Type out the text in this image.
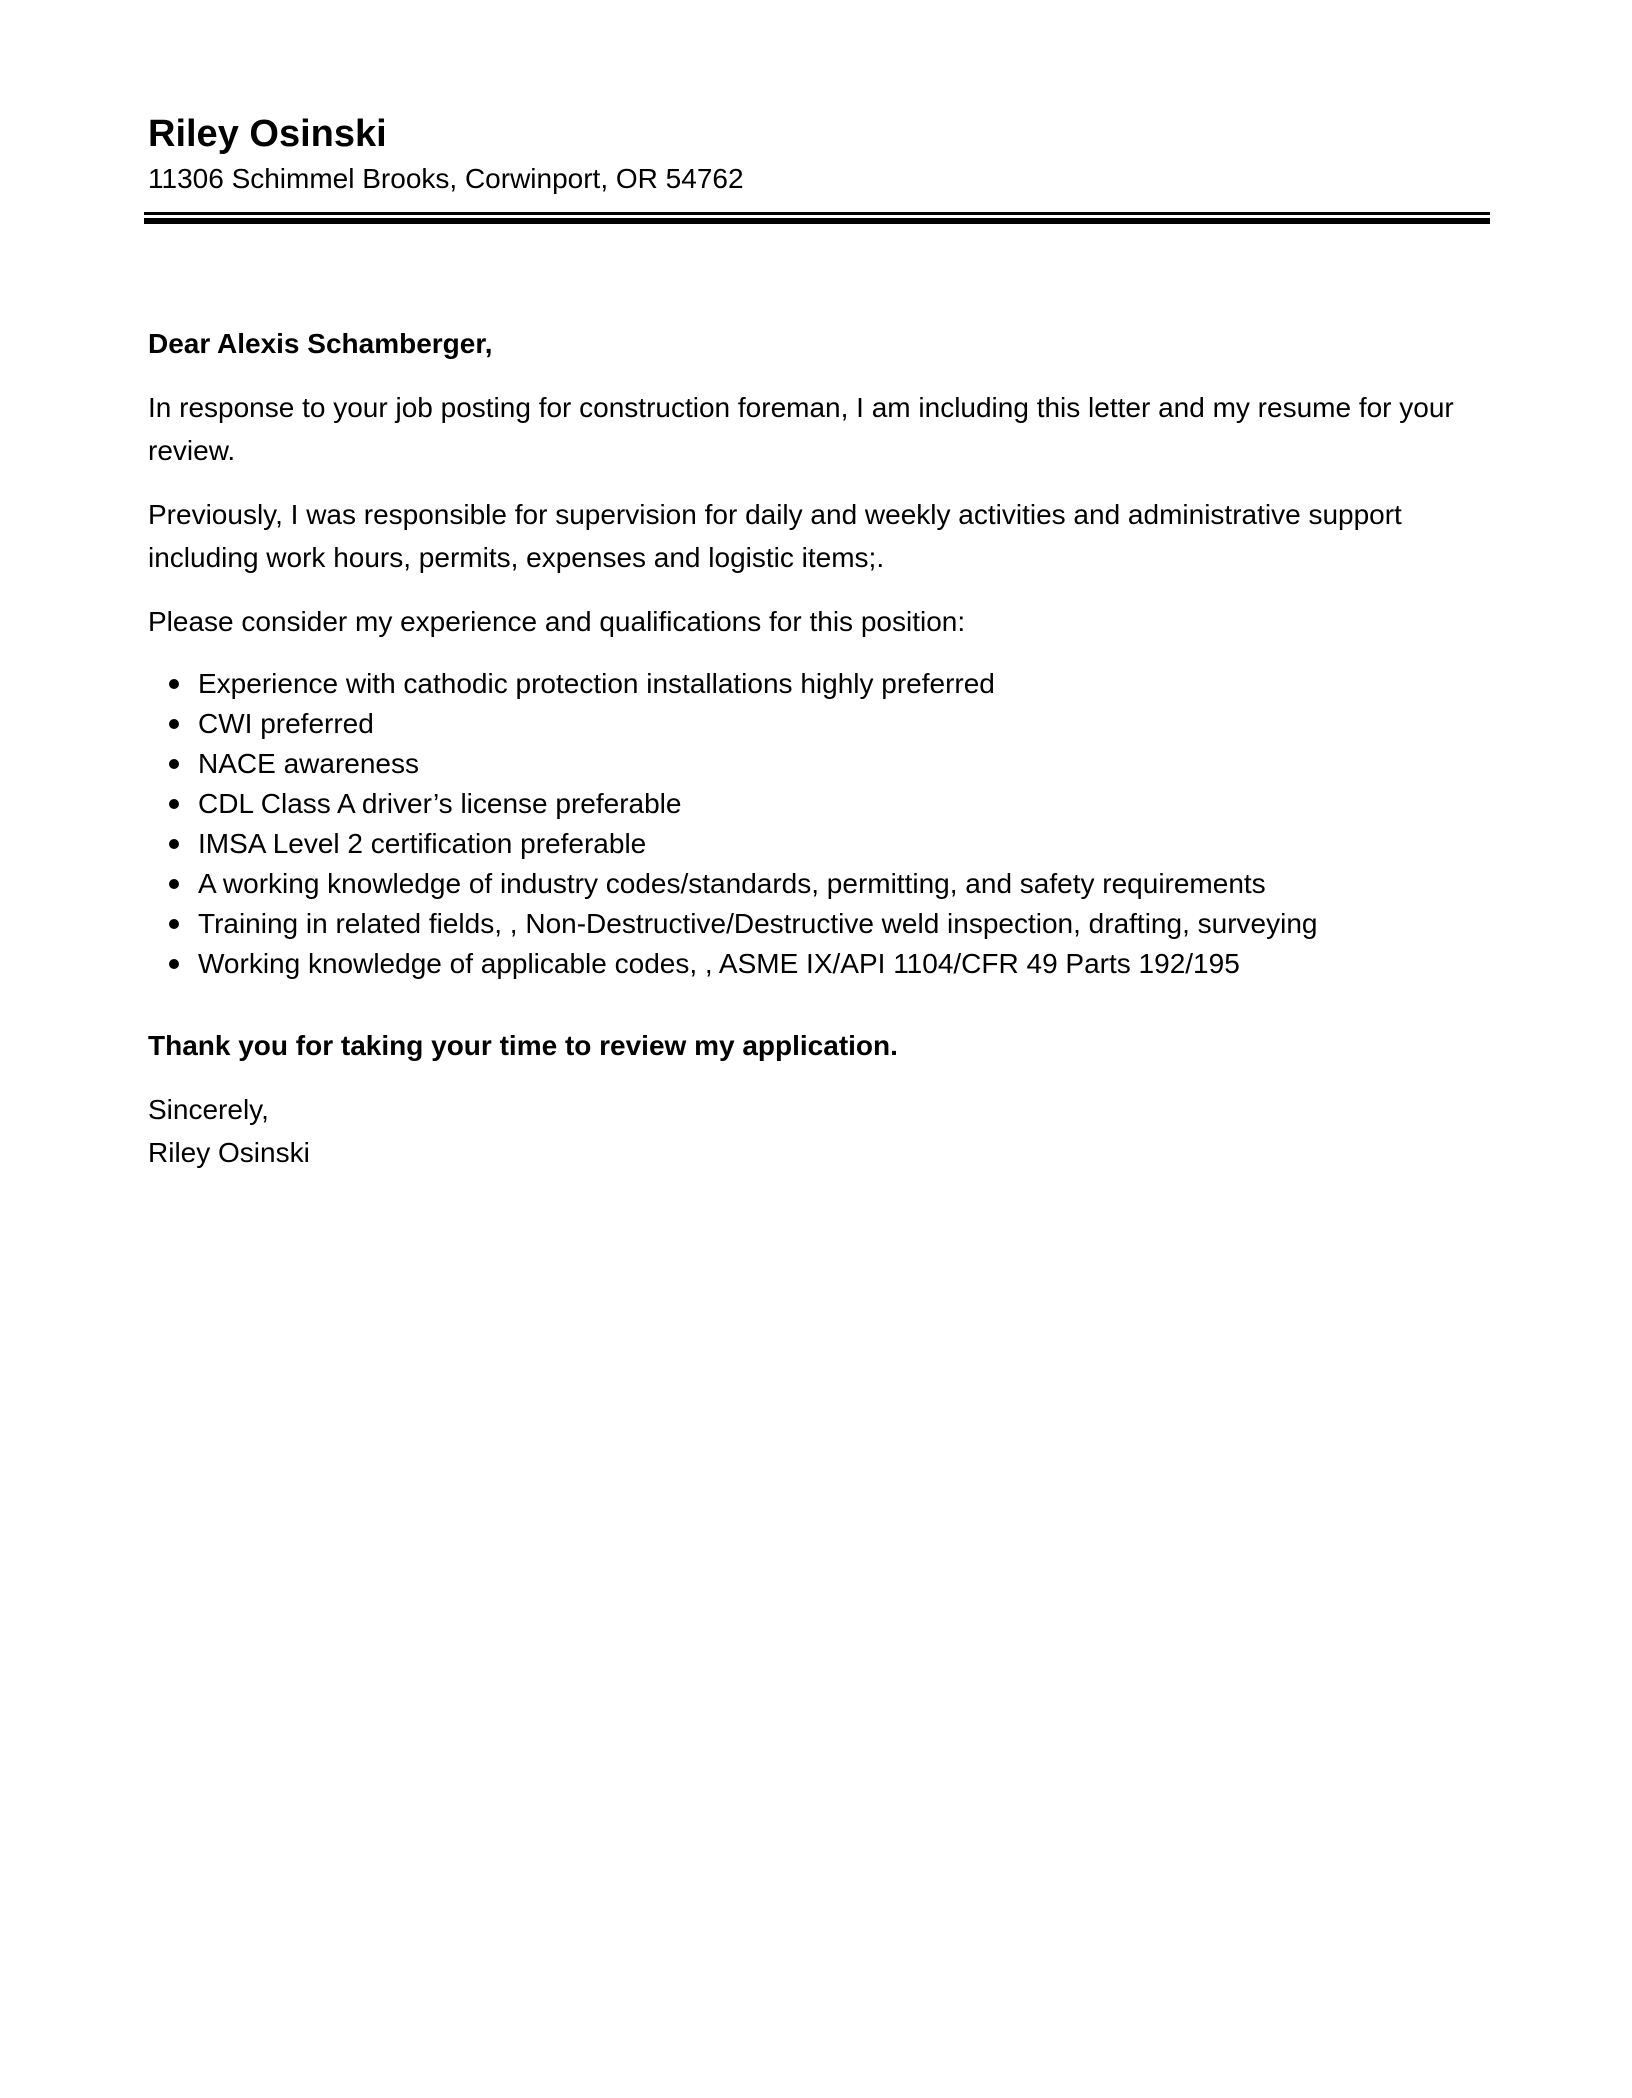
Riley Osinski
11306 Schimmel Brooks, Corwinport, OR 54762

Dear Alexis Schamberger,

In response to your job posting for construction foreman, I am including this letter and my resume for your review.

Previously, I was responsible for supervision for daily and weekly activities and administrative support including work hours, permits, expenses and logistic items;.

Please consider my experience and qualifications for this position:

Experience with cathodic protection installations highly preferred
CWI preferred
NACE awareness
CDL Class A driver’s license preferable
IMSA Level 2 certification preferable
A working knowledge of industry codes/standards, permitting, and safety requirements
Training in related fields, , Non-Destructive/Destructive weld inspection, drafting, surveying
Working knowledge of applicable codes, , ASME IX/API 1104/CFR 49 Parts 192/195

Thank you for taking your time to review my application.

Sincerely,

Riley Osinski
